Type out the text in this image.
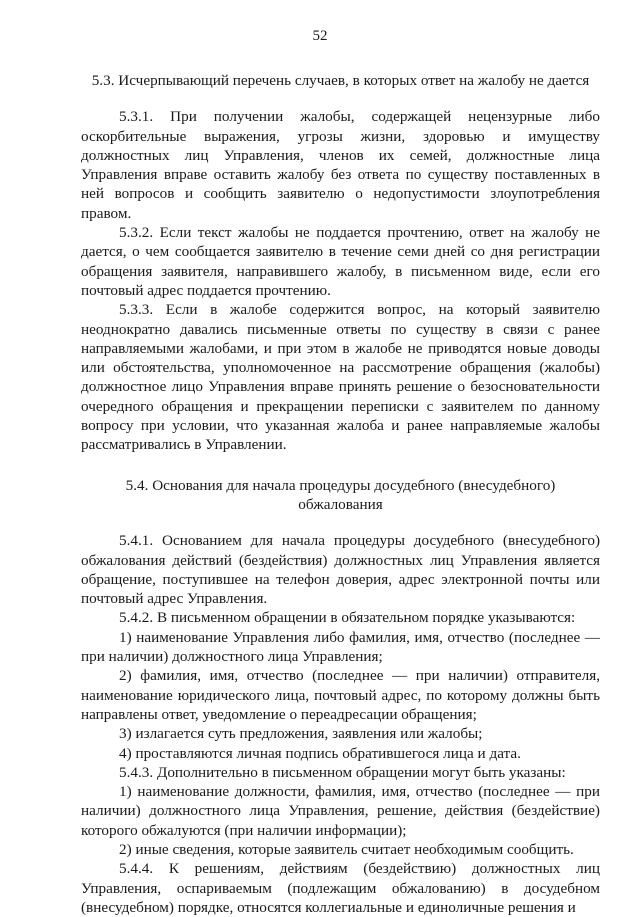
52

5.3. Исчерпывающий перечень случаев, в которых ответ на жалобу не дается

5.3.1. При получении жалобы, содержащей нецензурные либо оскорбительные выражения, угрозы жизни, здоровью и имуществу должностных лиц Управления, членов их семей, должностные лица Управления вправе оставить жалобу без ответа по существу поставленных в ней вопросов и сообщить заявителю о недопустимости злоупотребления правом.

5.3.2. Если текст жалобы не поддается прочтению, ответ на жалобу не дается, о чем сообщается заявителю в течение семи дней со дня регистрации обращения заявителя, направившего жалобу, в письменном виде, если его почтовый адрес поддается прочтению.

5.3.3. Если в жалобе содержится вопрос, на который заявителю неоднократно давались письменные ответы по существу в связи с ранее направляемыми жалобами, и при этом в жалобе не приводятся новые доводы или обстоятельства, уполномоченное на рассмотрение обращения (жалобы) должностное лицо Управления вправе принять решение о безосновательности очередного обращения и прекращении переписки с заявителем по данному вопросу при условии, что указанная жалоба и ранее направляемые жалобы рассматривались в Управлении.

5.4. Основания для начала процедуры досудебного (внесудебного) обжалования

5.4.1. Основанием для начала процедуры досудебного (внесудебного) обжалования действий (бездействия) должностных лиц Управления является обращение, поступившее на телефон доверия, адрес электронной почты или почтовый адрес Управления.

5.4.2. В письменном обращении в обязательном порядке указываются:

1) наименование Управления либо фамилия, имя, отчество (последнее — при наличии) должностного лица Управления;

2) фамилия, имя, отчество (последнее — при наличии) отправителя, наименование юридического лица, почтовый адрес, по которому должны быть направлены ответ, уведомление о переадресации обращения;

3) излагается суть предложения, заявления или жалобы;

4) проставляются личная подпись обратившегося лица и дата.

5.4.3. Дополнительно в письменном обращении могут быть указаны:

1) наименование должности, фамилия, имя, отчество (последнее — при наличии) должностного лица Управления, решение, действия (бездействие) которого обжалуются (при наличии информации);

2) иные сведения, которые заявитель считает необходимым сообщить.

5.4.4. К решениям, действиям (бездействию) должностных лиц Управления, оспариваемым (подлежащим обжалованию) в досудебном (внесудебном) порядке, относятся коллегиальные и единоличные решения и
